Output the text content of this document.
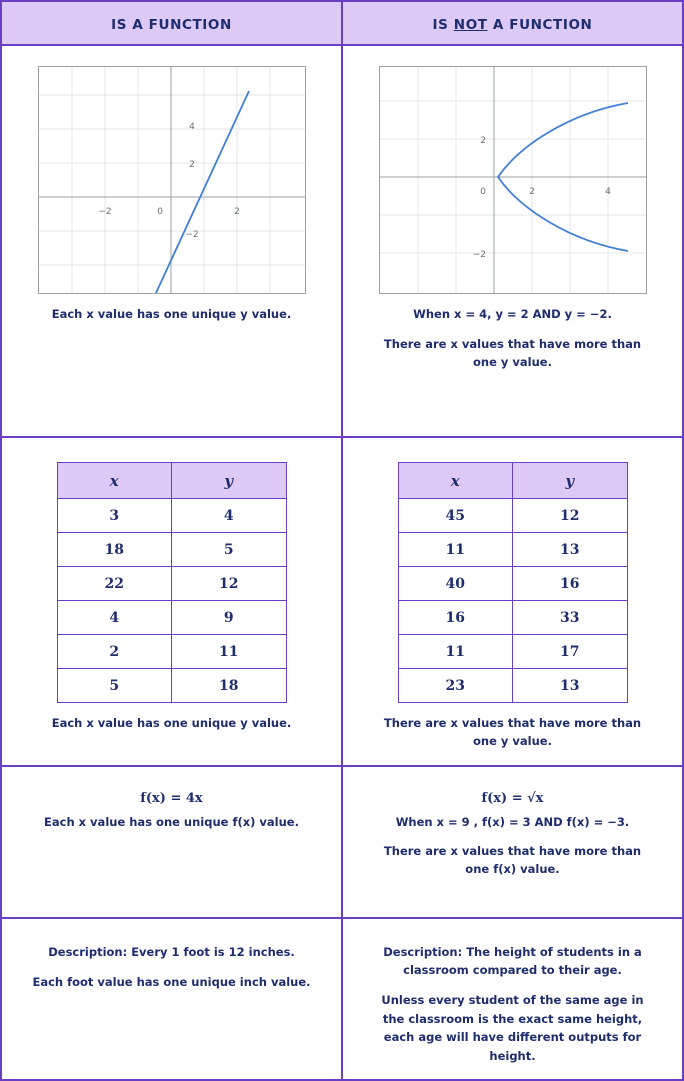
IS A FUNCTION	IS NOT A FUNCTION

4
2
0
−2	2
−2
Each x value has one unique y value.

2
0
−2
2	4
When x = 4, y = 2 AND y = −2.
There are x values that have more than one y value.

x	y
3	4
18	5
22	12
4	9
2	11
5	18
Each x value has one unique y value.

x	y
45	12
11	13
40	16
16	33
11	17
23	13
There are x values that have more than one y value.

f(x) = 4x
Each x value has one unique f(x) value.

f(x) = √x
When x = 9 , f(x) = 3 AND f(x) = −3.
There are x values that have more than one f(x) value.

Description: Every 1 foot is 12 inches.
Each foot value has one unique inch value.

Description: The height of students in a classroom compared to their age.
Unless every student of the same age in the classroom is the exact same height, each age will have different outputs for height.
